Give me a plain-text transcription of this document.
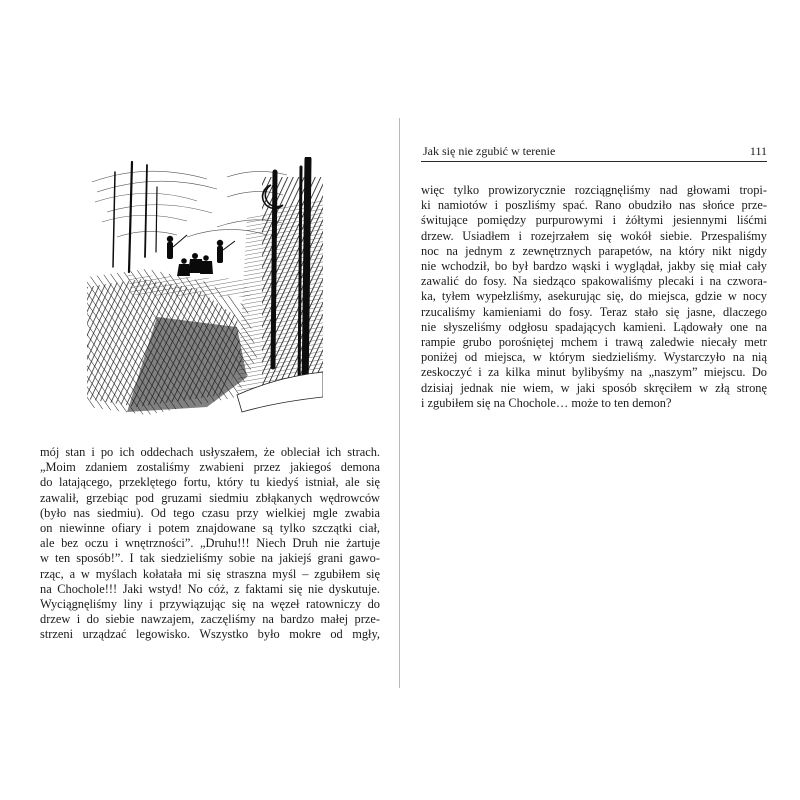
mój stan i po ich oddechach usłyszałem, że obleciał ich strach.
„Moim zdaniem zostaliśmy zwabieni przez jakiegoś demona
do latającego, przeklętego fortu, który tu kiedyś istniał, ale się
zawalił, grzebiąc pod gruzami siedmiu zbłąkanych wędrowców
(było nas siedmiu). Od tego czasu przy wielkiej mgle zwabia
on niewinne ofiary i potem znajdowane są tylko szczątki ciał,
ale bez oczu i wnętrzności”. „Druhu!!! Niech Druh nie żartuje
w ten sposób!”. I tak siedzieliśmy sobie na jakiejś grani gawo-
rząc, a w myślach kołatała mi się straszna myśl – zgubiłem się
na Chochole!!! Jaki wstyd! No cóż, z faktami się nie dyskutuje.
Wyciągnęliśmy liny i przywiązując się na węzeł ratowniczy do
drzew i do siebie nawzajem, zaczęliśmy na bardzo małej prze-
strzeni urządzać legowisko. Wszystko było mokre od mgły,
Jak się nie zgubić w terenie	111
więc tylko prowizorycznie rozciągnęliśmy nad głowami tropi-
ki namiotów i poszliśmy spać. Rano obudziło nas słońce prze-
świtujące pomiędzy purpurowymi i żółtymi jesiennymi liśćmi
drzew. Usiadłem i rozejrzałem się wokół siebie. Przespaliśmy
noc na jednym z zewnętrznych parapetów, na który nikt nigdy
nie wchodził, bo był bardzo wąski i wyglądał, jakby się miał cały
zawalić do fosy. Na siedząco spakowaliśmy plecaki i na czwora-
ka, tyłem wypełzliśmy, asekurując się, do miejsca, gdzie w nocy
rzucaliśmy kamieniami do fosy. Teraz stało się jasne, dlaczego
nie słyszeliśmy odgłosu spadających kamieni. Lądowały one na
rampie grubo porośniętej mchem i trawą zaledwie niecały metr
poniżej od miejsca, w którym siedzieliśmy. Wystarczyło na nią
zeskoczyć i za kilka minut bylibyśmy na „naszym” miejscu. Do
dzisiaj jednak nie wiem, w jaki sposób skręciłem w złą stronę
i zgubiłem się na Chochole… może to ten demon?
